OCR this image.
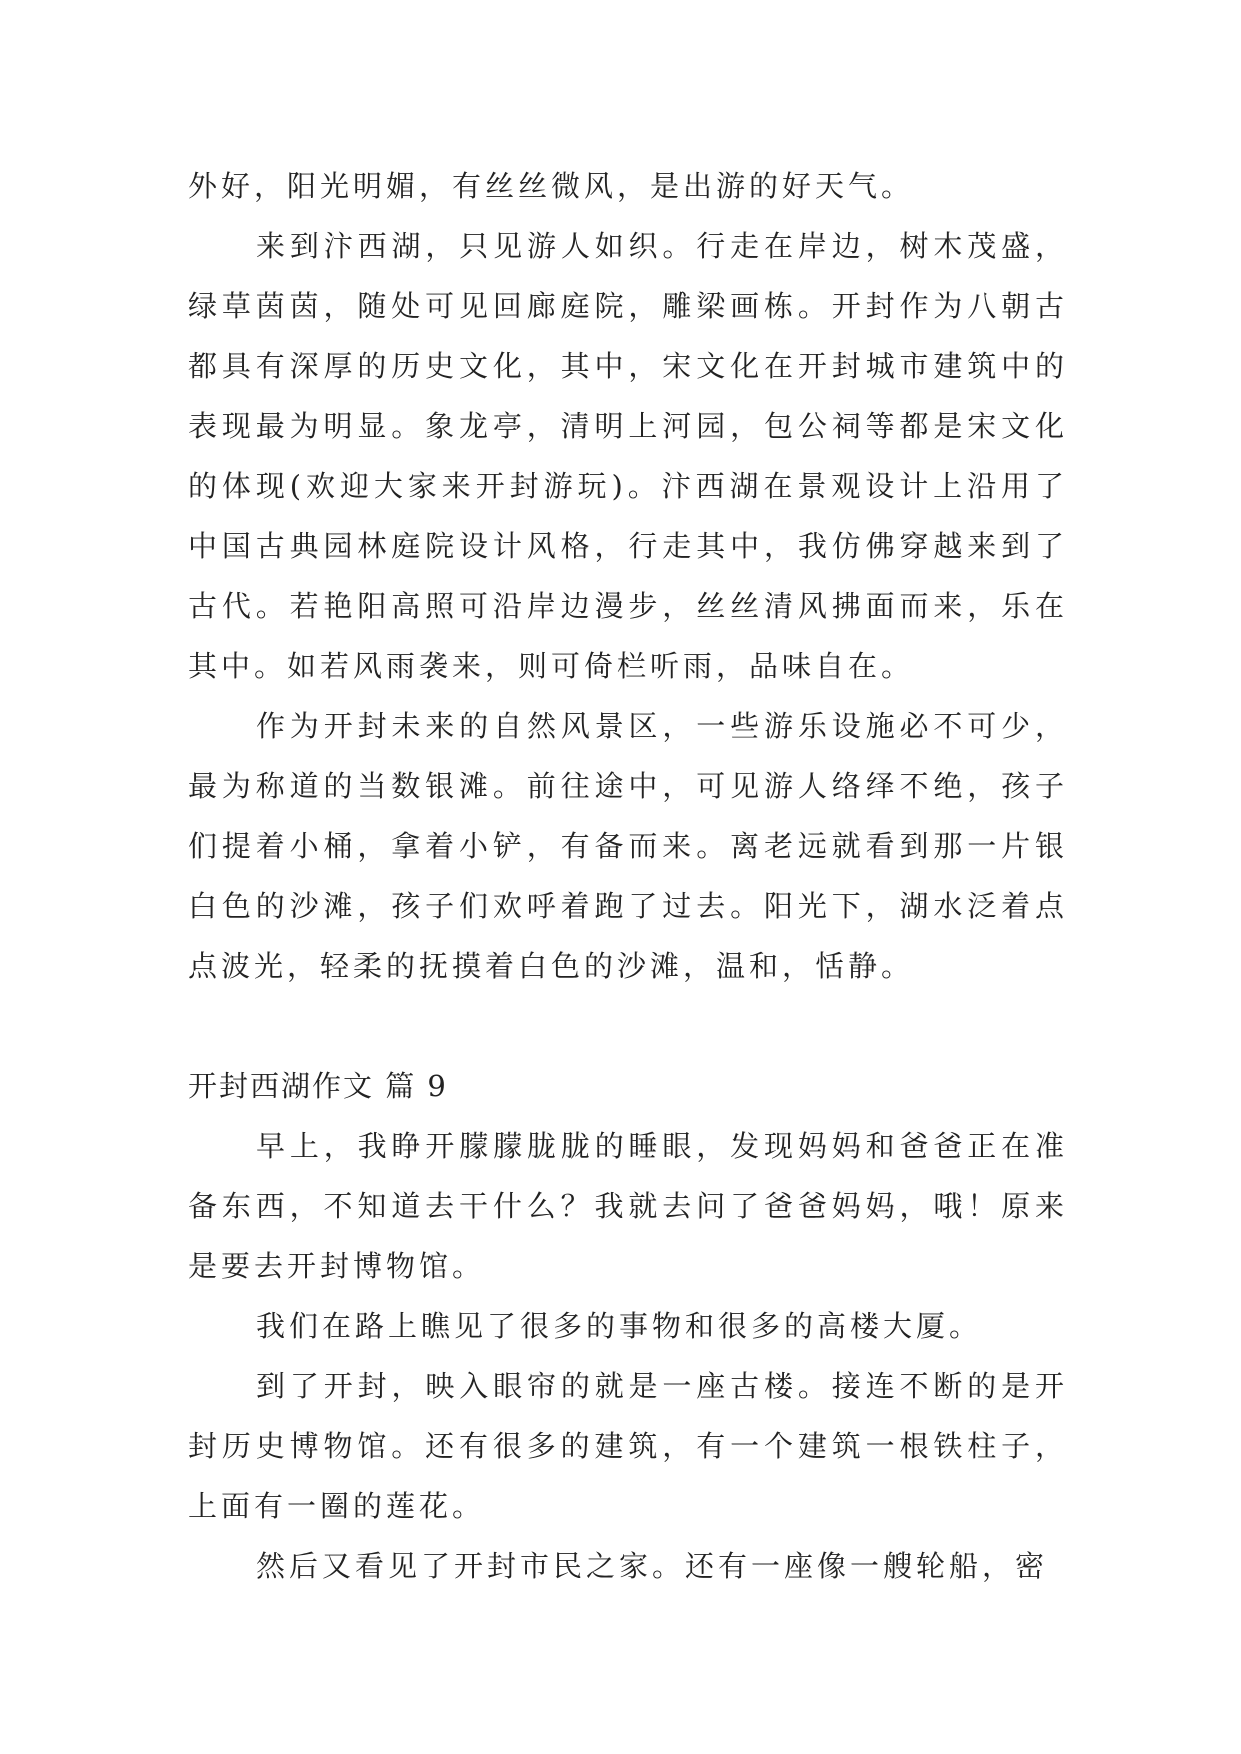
外好，阳光明媚，有丝丝微风，是出游的好天气。

来到汴西湖，只见游人如织。行走在岸边，树木茂盛，绿草茵茵，随处可见回廊庭院，雕梁画栋。开封作为八朝古都具有深厚的历史文化，其中，宋文化在开封城市建筑中的表现最为明显。象龙亭，清明上河园，包公祠等都是宋文化的体现(欢迎大家来开封游玩)。汴西湖在景观设计上沿用了中国古典园林庭院设计风格，行走其中，我仿佛穿越来到了古代。若艳阳高照可沿岸边漫步，丝丝清风拂面而来，乐在其中。如若风雨袭来，则可倚栏听雨，品味自在。

作为开封未来的自然风景区，一些游乐设施必不可少，最为称道的当数银滩。前往途中，可见游人络绎不绝，孩子们提着小桶，拿着小铲，有备而来。离老远就看到那一片银白色的沙滩，孩子们欢呼着跑了过去。阳光下，湖水泛着点点波光，轻柔的抚摸着白色的沙滩，温和，恬静。

开封西湖作文 篇 9

早上，我睁开朦朦胧胧的睡眼，发现妈妈和爸爸正在准备东西，不知道去干什么？我就去问了爸爸妈妈，哦！原来是要去开封博物馆。

我们在路上瞧见了很多的事物和很多的高楼大厦。

到了开封，映入眼帘的就是一座古楼。接连不断的是开封历史博物馆。还有很多的建筑，有一个建筑一根铁柱子，上面有一圈的莲花。

然后又看见了开封市民之家。还有一座像一艘轮船，密
